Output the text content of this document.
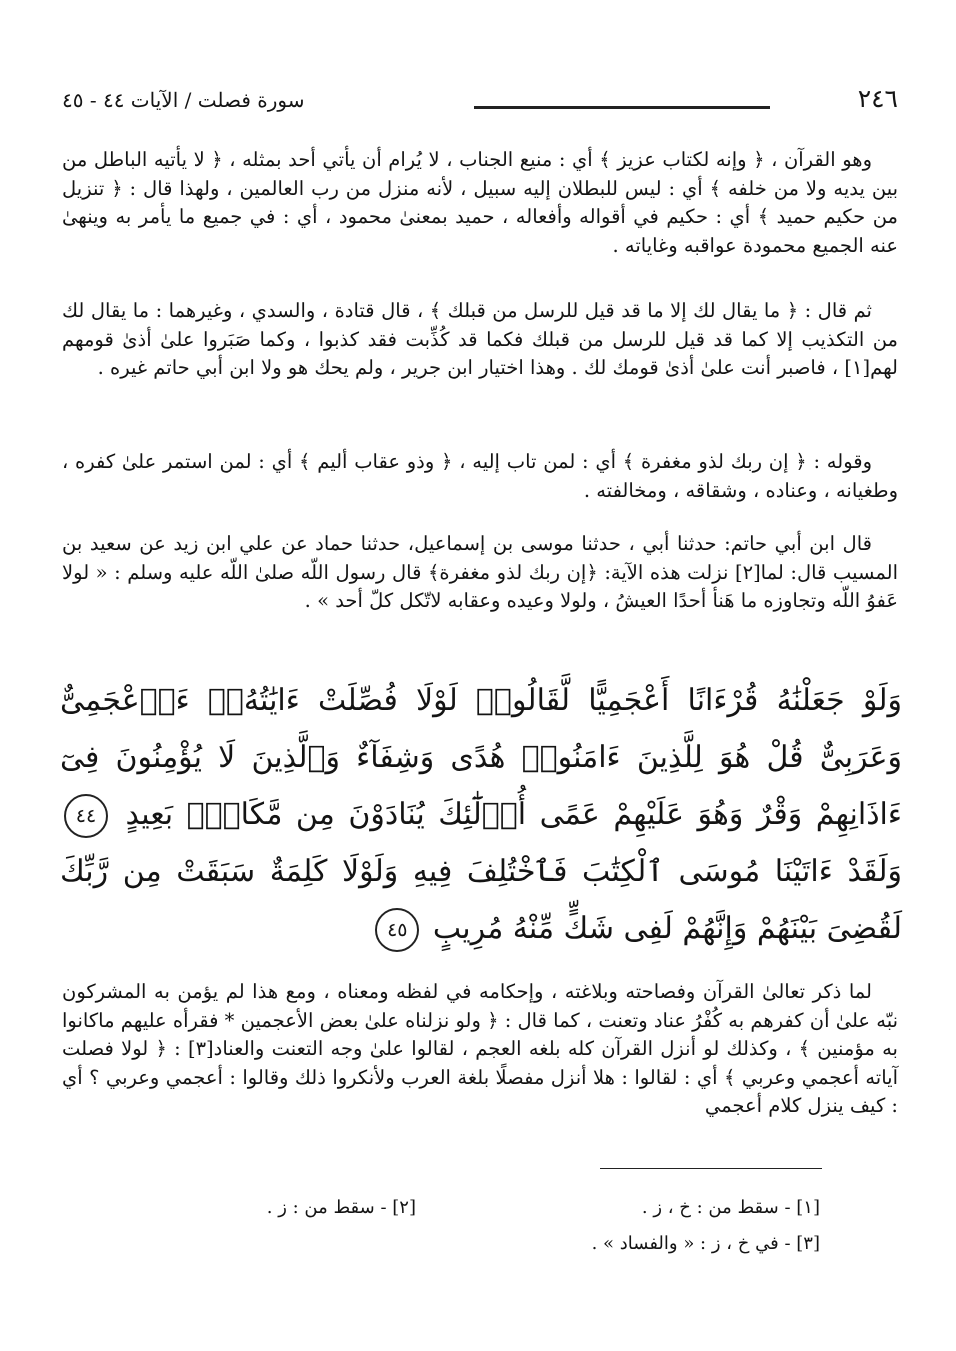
٢٤٦
سورة فصلت / الآيات ٤٤ - ٤٥

وهو القرآن ، ﴿ وإنه لكتاب عزيز ﴾ أي : منيع الجناب ، لا يُرام أن يأتي أحد بمثله ، ﴿ لا يأتيه الباطل من بين يديه ولا من خلفه ﴾ أي : ليس للبطلان إليه سبيل ، لأنه منزل من رب العالمين ، ولهذا قال : ﴿ تنزيل من حكيم حميد ﴾ أي : حكيم في أقواله وأفعاله ، حميد بمعنىٰ محمود ، أي : في جميع ما يأمر به وينهىٰ عنه الجميع محمودة عواقبه وغاياته .

ثم قال : ﴿ ما يقال لك إلا ما قد قيل للرسل من قبلك ﴾ ، قال قتادة ، والسدي ، وغيرهما : ما يقال لك من التكذيب إلا كما قد قيل للرسل من قبلك فكما قد كُذِّبت فقد كذبوا ، وكما صَبَروا علىٰ أذىٰ قومهم لهم[١] ، فاصبر أنت علىٰ أذىٰ قومك لك . وهذا اختيار ابن جرير ، ولم يحك هو ولا ابن أبي حاتم غيره .

وقوله : ﴿ إن ربك لذو مغفرة ﴾ أي : لمن تاب إليه ، ﴿ وذو عقاب أليم ﴾ أي : لمن استمر علىٰ كفره ، وطغيانه ، وعناده ، وشقاقه ، ومخالفته .

قال ابن أبي حاتم: حدثنا أبي ، حدثنا موسى بن إسماعيل، حدثنا حماد عن علي ابن زيد عن سعيد بن المسيب قال: لما[٢] نزلت هذه الآية: ﴿إن ربك لذو مغفرة﴾ قال رسول اللّه صلىٰ اللّه عليه وسلم : « لولا عَفوُ اللّه وتجاوزه ما هَنأ أحدًا العيشُ ، ولولا وعيده وعقابه لاتّكل كلّ أحد » .

وَلَوْ جَعَلْنَٰهُ قُرْءَانًا أَعْجَمِيًّا لَّقَالُوا۟ لَوْلَا فُصِّلَتْ ءَايَٰتُهُۥٓ ءَا۬عْجَمِىٌّ وَعَرَبِىٌّ قُلْ هُوَ لِلَّذِينَ ءَامَنُوا۟ هُدًى وَشِفَآءٌ وَٱلَّذِينَ لَا يُؤْمِنُونَ فِىٓ ءَاذَانِهِمْ وَقْرٌ وَهُوَ عَلَيْهِمْ عَمًى أُو۟لَٰٓئِكَ يُنَادَوْنَ مِن مَّكَانٍۭ بَعِيدٍ ٤٤ وَلَقَدْ ءَاتَيْنَا مُوسَى ٱلْكِتَٰبَ فَٱخْتُلِفَ فِيهِ وَلَوْلَا كَلِمَةٌ سَبَقَتْ مِن رَّبِّكَ لَقُضِىَ بَيْنَهُمْ وَإِنَّهُمْ لَفِى شَكٍّ مِّنْهُ مُرِيبٍ ٤٥

لما ذكر تعالىٰ القرآن وفصاحته وبلاغته ، وإحكامه في لفظه ومعناه ، ومع هذا لم يؤمن به المشركون نبّه علىٰ أن كفرهم به كُفْرُ عناد وتعنت ، كما قال : ﴿ ولو نزلناه علىٰ بعض الأعجمين * فقرأه عليهم ماكانوا به مؤمنين ﴾ ، وكذلك لو أنزل القرآن كله بلغه العجم ، لقالوا علىٰ وجه التعنت والعناد[٣] : ﴿ لولا فصلت آياته أعجمي وعربي ﴾ أي : لقالوا : هلا أنزل مفصلًا بلغة العرب ولأنكروا ذلك وقالوا : أعجمي وعربي ؟ أي : كيف ينزل كلام أعجمي

[١] - سقط من : خ ، ز .
[٢] - سقط من : ز .
[٣] - في خ ، ز : « والفساد » .
